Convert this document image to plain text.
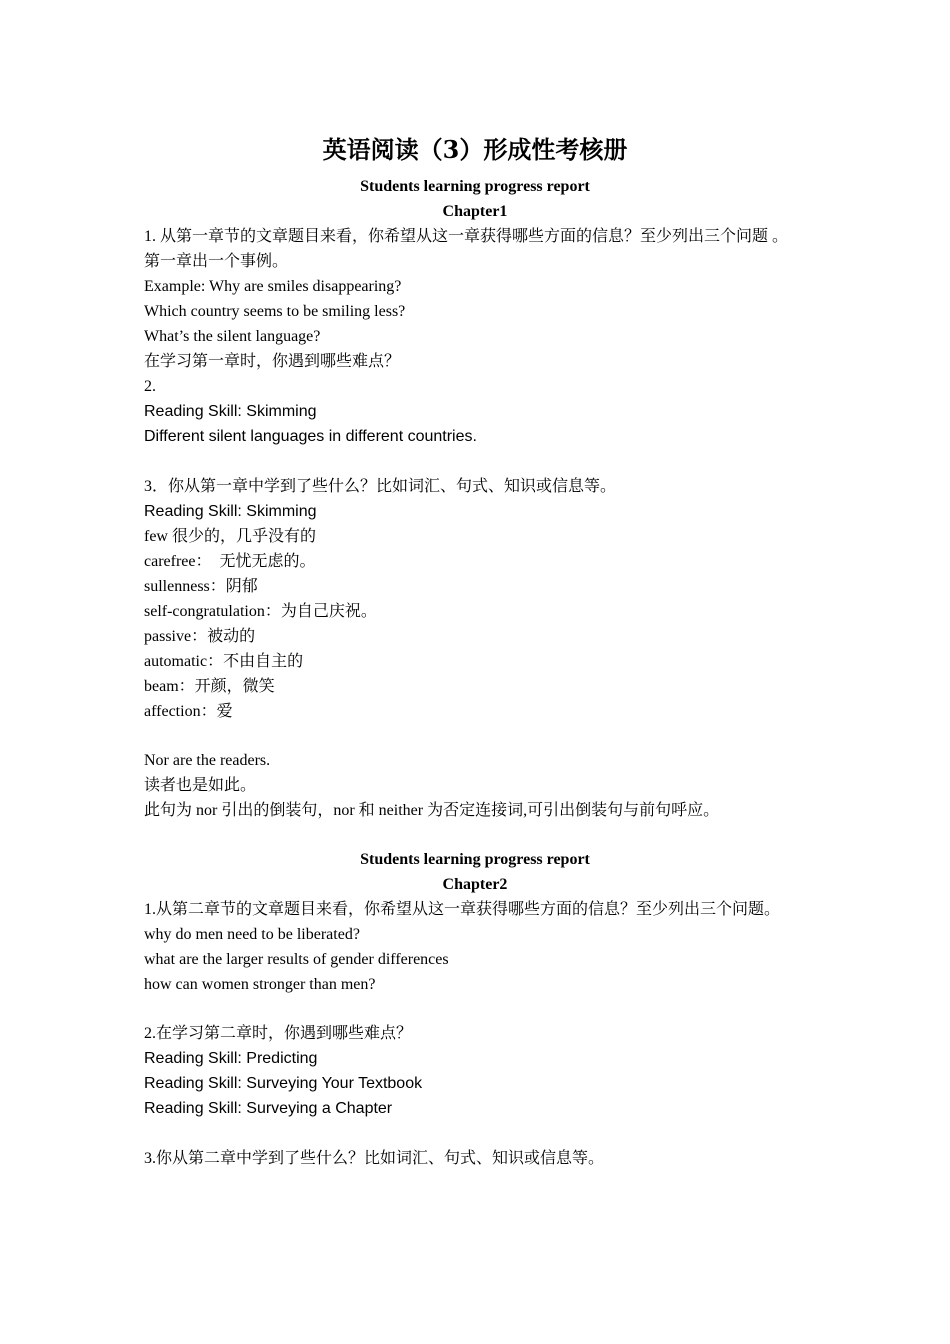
英语阅读（3）形成性考核册
Students learning progress report
Chapter1
1. 从第一章节的文章题目来看，你希望从这一章获得哪些方面的信息？至少列出三个问题 。
第一章出一个事例。
Example: Why are smiles disappearing?
Which country seems to be smiling less?
What’s the silent language?
在学习第一章时，你遇到哪些难点？
2.
Reading Skill: Skimming
Different silent languages in different countries.
3．你从第一章中学到了些什么？比如词汇、句式、知识或信息等。
Reading Skill: Skimming
few 很少的，几乎没有的
carefree：　无忧无虑的。
sullenness：阴郁
self-congratulation：为自己庆祝。
passive：被动的
automatic：不由自主的
beam：开颜，微笑
affection：爱
Nor are the readers.
读者也是如此。
此句为 nor 引出的倒装句，nor 和 neither 为否定连接词,可引出倒装句与前句呼应。
Students learning progress report
Chapter2
1.从第二章节的文章题目来看，你希望从这一章获得哪些方面的信息？至少列出三个问题。
why do men need to be liberated?
what are the larger results of gender differences
how can women stronger than men?
2.在学习第二章时，你遇到哪些难点？
Reading Skill: Predicting
Reading Skill: Surveying Your Textbook
Reading Skill: Surveying a Chapter
3.你从第二章中学到了些什么？比如词汇、句式、知识或信息等。
